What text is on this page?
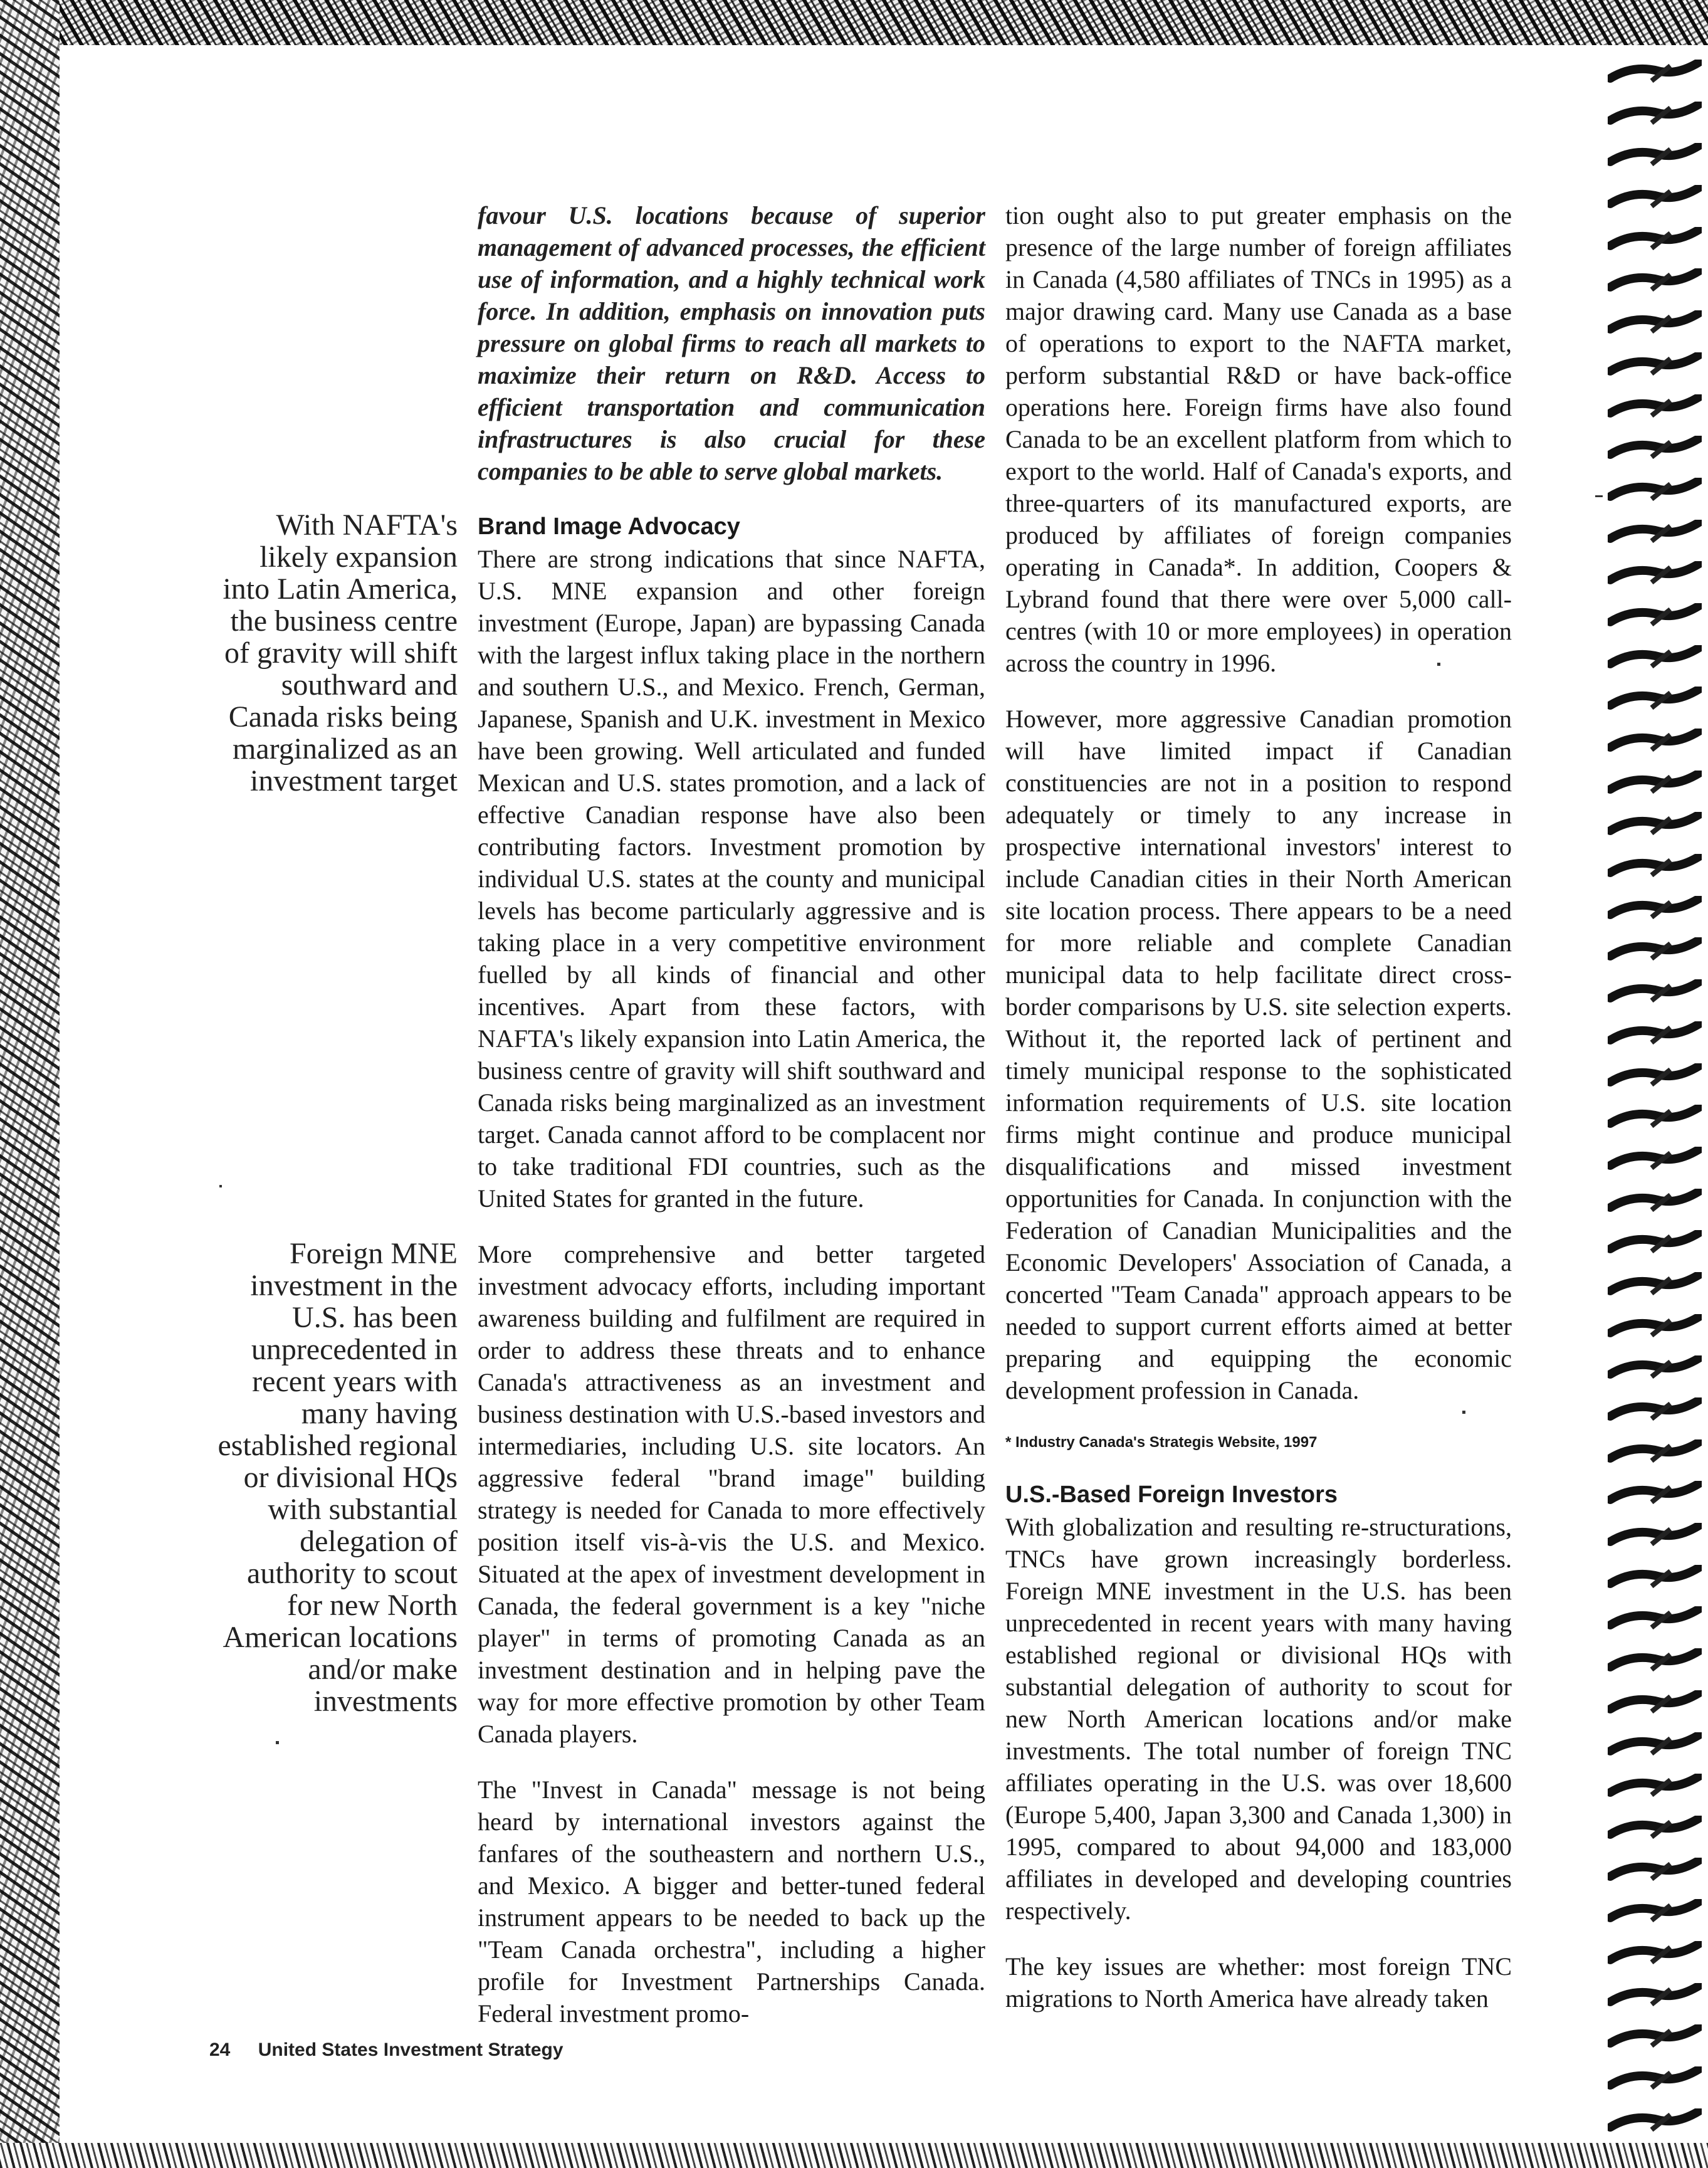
favour U.S. locations because of superior management of advanced processes, the efficient use of information, and a highly technical work force. In addition, emphasis on innovation puts pressure on global firms to reach all markets to maximize their return on R&D. Access to efficient transportation and communication infrastructures is also crucial for these companies to be able to serve global markets.

Brand Image Advocacy

There are strong indications that since NAFTA, U.S. MNE expansion and other foreign investment (Europe, Japan) are bypassing Canada with the largest influx taking place in the northern and southern U.S., and Mexico. French, German, Japanese, Spanish and U.K. investment in Mexico have been growing. Well articulated and funded Mexican and U.S. states promotion, and a lack of effective Canadian response have also been contributing factors. Investment promotion by individual U.S. states at the county and municipal levels has become particularly aggressive and is taking place in a very competitive environment fuelled by all kinds of financial and other incentives. Apart from these factors, with NAFTA's likely expansion into Latin America, the business centre of gravity will shift southward and Canada risks being marginalized as an investment target. Canada cannot afford to be complacent nor to take traditional FDI countries, such as the United States for granted in the future.

More comprehensive and better targeted investment advocacy efforts, including important awareness building and fulfilment are required in order to address these threats and to enhance Canada's attractiveness as an investment and business destination with U.S.-based investors and intermediaries, including U.S. site locators. An aggressive federal "brand image" building strategy is needed for Canada to more effectively position itself vis-à-vis the U.S. and Mexico. Situated at the apex of investment development in Canada, the federal government is a key "niche player" in terms of promoting Canada as an investment destination and in helping pave the way for more effective promotion by other Team Canada players.

The "Invest in Canada" message is not being heard by international investors against the fanfares of the southeastern and northern U.S., and Mexico. A bigger and better-tuned federal instrument appears to be needed to back up the "Team Canada orchestra", including a higher profile for Investment Partnerships Canada. Federal investment promo-

tion ought also to put greater emphasis on the presence of the large number of foreign affiliates in Canada (4,580 affiliates of TNCs in 1995) as a major drawing card. Many use Canada as a base of operations to export to the NAFTA market, perform substantial R&D or have back-office operations here. Foreign firms have also found Canada to be an excellent platform from which to export to the world. Half of Canada's exports, and three-quarters of its manufactured exports, are produced by affiliates of foreign companies operating in Canada*. In addition, Coopers & Lybrand found that there were over 5,000 call-centres (with 10 or more employees) in operation across the country in 1996.

However, more aggressive Canadian promotion will have limited impact if Canadian constituencies are not in a position to respond adequately or timely to any increase in prospective international investors' interest to include Canadian cities in their North American site location process. There appears to be a need for more reliable and complete Canadian municipal data to help facilitate direct cross-border comparisons by U.S. site selection experts. Without it, the reported lack of pertinent and timely municipal response to the sophisticated information requirements of U.S. site location firms might continue and produce municipal disqualifications and missed investment opportunities for Canada. In conjunction with the Federation of Canadian Municipalities and the Economic Developers' Association of Canada, a concerted "Team Canada" approach appears to be needed to support current efforts aimed at better preparing and equipping the economic development profession in Canada.

* Industry Canada's Strategis Website, 1997

U.S.-Based Foreign Investors

With globalization and resulting re-structurations, TNCs have grown increasingly borderless. Foreign MNE investment in the U.S. has been unprecedented in recent years with many having established regional or divisional HQs with substantial delegation of authority to scout for new North American locations and/or make investments. The total number of foreign TNC affiliates operating in the U.S. was over 18,600 (Europe 5,400, Japan 3,300 and Canada 1,300) in 1995, compared to about 94,000 and 183,000 affiliates in developed and developing countries respectively.

The key issues are whether: most foreign TNC migrations to North America have already taken

With NAFTA's likely expansion into Latin America, the business centre of gravity will shift southward and Canada risks being marginalized as an investment target
Foreign MNE investment in the U.S. has been unprecedented in recent years with many having established regional or divisional HQs with substantial delegation of authority to scout for new North American locations and/or make investments
24 United States Investment Strategy
